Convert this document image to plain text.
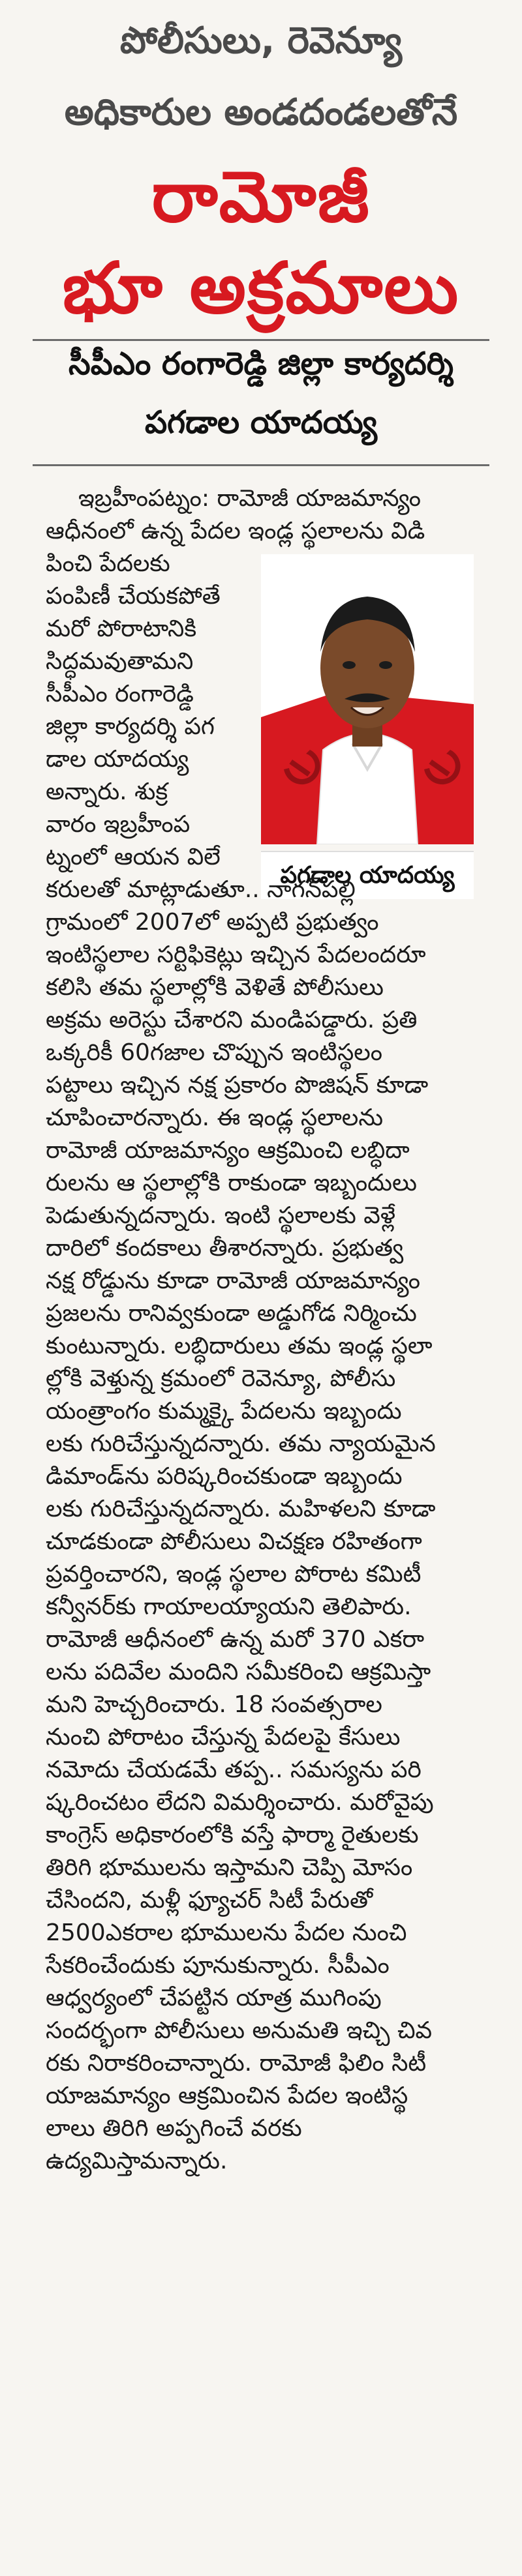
పోలీసులు, రెవెన్యూ
అధికారుల అండదండలతోనే
రామోజీ
భూ అక్రమాలు
సీపీఎం రంగారెడ్డి జిల్లా కార్యదర్శి
పగడాల యాదయ్య
పగడాల యాదయ్య
ఇబ్రహీంపట్నం: రామోజీ యాజమాన్యం
ఆధీనంలో ఉన్న పేదల ఇండ్ల స్థలాలను విడి
పించి పేదలకు
పంపిణీ చేయకపోతే
మరో పోరాటానికి
సిద్ధమవుతామని
సీపీఎం రంగారెడ్డి
జిల్లా కార్యదర్శి పగ
డాల యాదయ్య
అన్నారు. శుక్ర
వారం ఇబ్రహీంప
ట్నంలో ఆయన విలే
కరులతో మాట్లాడుతూ.. నాగన్‌పల్లి
గ్రామంలో 2007లో అప్పటి ప్రభుత్వం
ఇంటిస్థలాల సర్టిఫికెట్లు ఇచ్చిన పేదలందరూ
కలిసి తమ స్థలాల్లోకి వెళితే పోలీసులు
అక్రమ అరెస్టు చేశారని మండిపడ్డారు. ప్రతి
ఒక్కరికీ 60గజాల చొప్పున ఇంటిస్థలం
పట్టాలు ఇచ్చిన నక్ష ప్రకారం పొజిషన్ కూడా
చూపించారన్నారు. ఈ ఇండ్ల స్థలాలను
రామోజీ యాజమాన్యం ఆక్రమించి లబ్ధిదా
రులను ఆ స్థలాల్లోకి రాకుండా ఇబ్బందులు
పెడుతున్నదన్నారు. ఇంటి స్థలాలకు వెళ్లే
దారిలో కందకాలు తీశారన్నారు. ప్రభుత్వ
నక్ష రోడ్డును కూడా రామోజీ యాజమాన్యం
ప్రజలను రానివ్వకుండా అడ్డుగోడ నిర్మించు
కుంటున్నారు. లబ్ధిదారులు తమ ఇండ్ల స్థలా
ల్లోకి వెళ్తున్న క్రమంలో రెవెన్యూ, పోలీసు
యంత్రాంగం కుమ్మక్కై పేదలను ఇబ్బందు
లకు గురిచేస్తున్నదన్నారు. తమ న్యాయమైన
డిమాండ్‌ను పరిష్కరించకుండా ఇబ్బందు
లకు గురిచేస్తున్నదన్నారు. మహిళలని కూడా
చూడకుండా పోలీసులు విచక్షణ రహితంగా
ప్రవర్తించారని, ఇండ్ల స్థలాల పోరాట కమిటీ
కన్వీనర్‌కు గాయాలయ్యాయని తెలిపారు.
రామోజీ ఆధీనంలో ఉన్న మరో 370 ఎకరా
లను పదివేల మందిని సమీకరించి ఆక్రమిస్తా
మని హెచ్చరించారు. 18 సంవత్సరాల
నుంచి పోరాటం చేస్తున్న పేదలపై కేసులు
నమోదు చేయడమే తప్ప.. సమస్యను పరి
ష్కరించటం లేదని విమర్శించారు. మరోవైపు
కాంగ్రెస్ అధికారంలోకి వస్తే ఫార్మా రైతులకు
తిరిగి భూములను ఇస్తామని చెప్పి మోసం
చేసిందని, మళ్లీ ఫ్యూచర్ సిటీ పేరుతో
2500ఎకరాల భూములను పేదల నుంచి
సేకరించేందుకు పూనుకున్నారు. సీపీఎం
ఆధ్వర్యంలో చేపట్టిన యాత్ర ముగింపు
సందర్భంగా పోలీసులు అనుమతి ఇచ్చి చివ
రకు నిరాకరించాన్నారు. రామోజీ ఫిలిం సిటీ
యాజమాన్యం ఆక్రమించిన పేదల ఇంటిస్థ
లాలు తిరిగి అప్పగించే వరకు
ఉద్యమిస్తామన్నారు.
